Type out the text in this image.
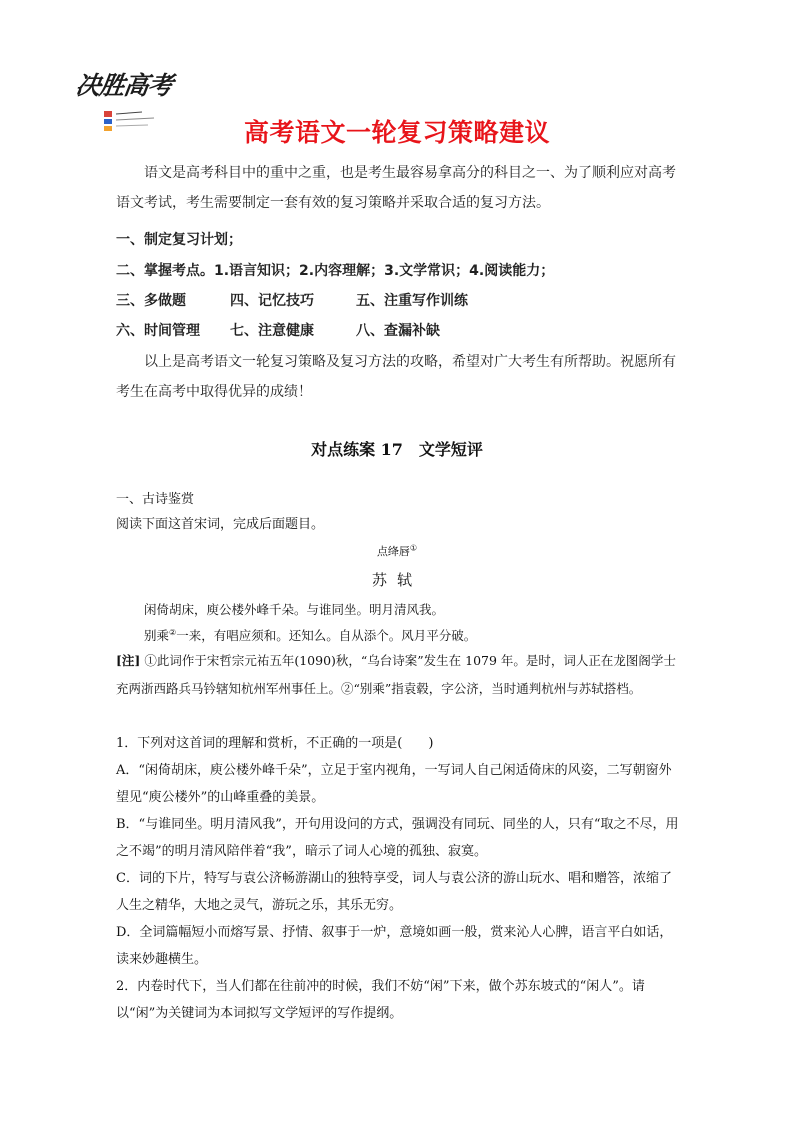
决胜高考
高考语文一轮复习策略建议
语文是高考科目中的重中之重，也是考生最容易拿高分的科目之一、为了顺利应对高考语文考试，考生需要制定一套有效的复习策略并采取合适的复习方法。
一、制定复习计划；
二、掌握考点。1.语言知识；2.内容理解；3.文学常识；4.阅读能力；
三、多做题	四、记忆技巧	五、注重写作训练
六、时间管理 七、注意健康	八、查漏补缺
以上是高考语文一轮复习策略及复习方法的攻略，希望对广大考生有所帮助。祝愿所有考生在高考中取得优异的成绩！
对点练案 17　文学短评
一、古诗鉴赏
阅读下面这首宋词，完成后面题目。
点绛唇①
苏轼
闲倚胡床，庾公楼外峰千朵。与谁同坐。明月清风我。
别乘②一来，有唱应须和。还知么。自从添个。风月平分破。
[注] ①此词作于宋哲宗元祐五年(1090)秋，“乌台诗案”发生在 1079 年。是时，词人正在龙图阁学士充两浙西路兵马钤辖知杭州军州事任上。②“别乘”指袁毂，字公济，当时通判杭州与苏轼搭档。
1．下列对这首词的理解和赏析，不正确的一项是(　　)
A．“闲倚胡床，庾公楼外峰千朵”，立足于室内视角，一写词人自己闲适倚床的风姿，二写朝窗外望见“庾公楼外”的山峰重叠的美景。
B．“与谁同坐。明月清风我”，开句用设问的方式，强调没有同玩、同坐的人，只有“取之不尽，用之不竭”的明月清风陪伴着“我”，暗示了词人心境的孤独、寂寞。
C．词的下片，特写与袁公济畅游湖山的独特享受，词人与袁公济的游山玩水、唱和赠答，浓缩了人生之精华，大地之灵气，游玩之乐，其乐无穷。
D．全词篇幅短小而熔写景、抒情、叙事于一炉，意境如画一般，赏来沁人心脾，语言平白如话，读来妙趣横生。
2．内卷时代下，当人们都在往前冲的时候，我们不妨“闲”下来，做个苏东坡式的“闲人”。请以“闲”为关键词为本词拟写文学短评的写作提纲。
